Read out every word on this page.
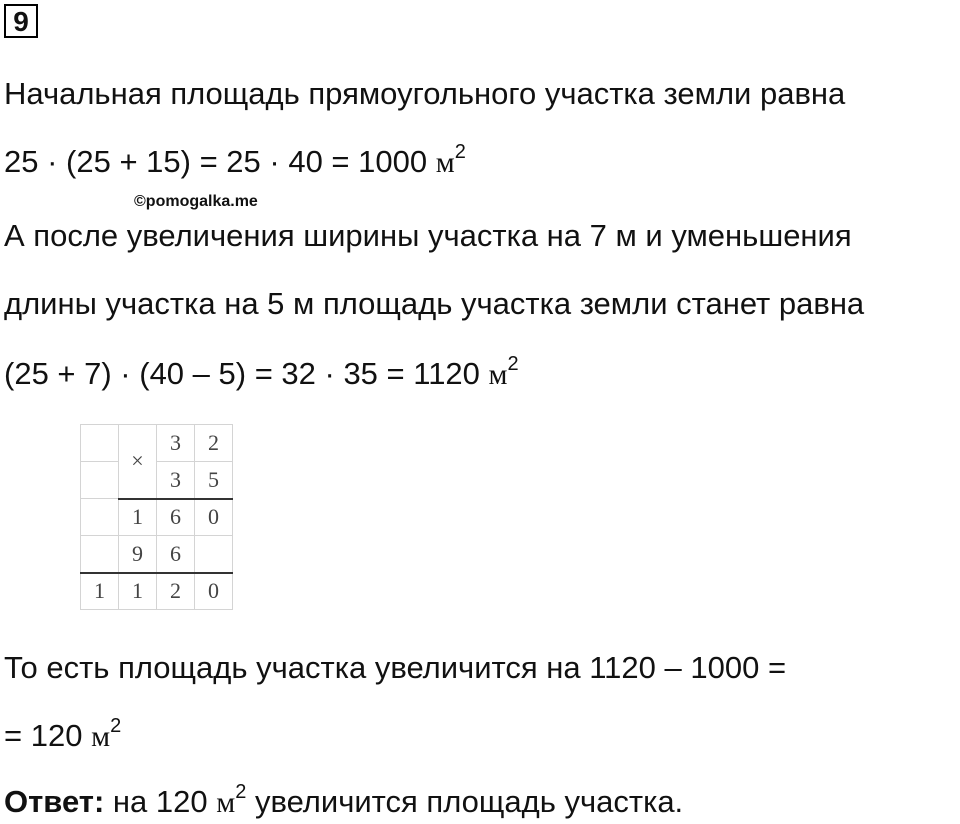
9
Начальная площадь прямоугольного участка земли равна
25 · (25 + 15) = 25 · 40 = 1000 $м^2$
©pomogalka.me
А после увеличения ширины участка на 7 м и уменьшения
длины участка на 5 м площадь участка земли станет равна
(25 + 7) · (40 – 5) = 32 · 35 = 1120 $м^2$
	×	3	2
		3	5
	1	6	0
	9	6	
1	1	2	0
То есть площадь участка увеличится на 1120 – 1000 =
= 120 $м^2$
Ответ: на 120 $м^2$ увеличится площадь участка.
